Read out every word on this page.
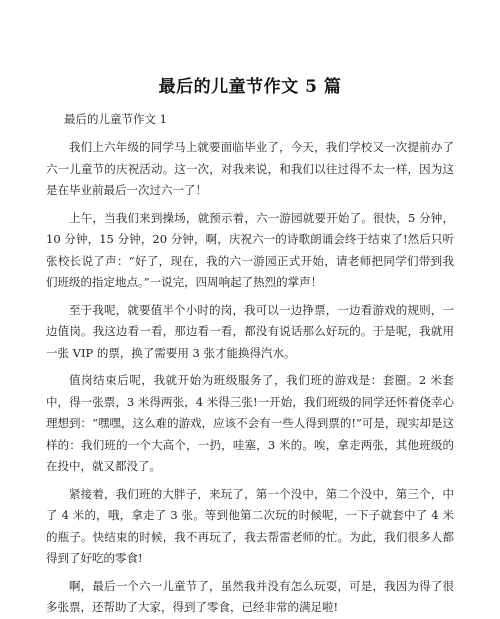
最后的儿童节作文 5 篇
最后的儿童节作文 1

我们上六年级的同学马上就要面临毕业了，今天，我们学校又一次提前办了六一儿童节的庆祝活动。这一次，对我来说，和我们以往过得不太一样，因为这是在毕业前最后一次过六一了！

上午，当我们来到操场，就预示着，六一游园就要开始了。很快，5 分钟，10 分钟，15 分钟，20 分钟，啊，庆祝六一的诗歌朗诵会终于结束了!然后只听张校长说了声：“好了，现在，我的六一游园正式开始，请老师把同学们带到我们班级的指定地点。”一说完，四周响起了热烈的掌声！

至于我呢，就要值半个小时的岗，我可以一边挣票，一边看游戏的规则，一边值岗。我这边看一看，那边看一看，都没有说话那么好玩的。于是呢，我就用一张 VIP 的票，换了需要用 3 张才能换得汽水。

值岗结束后呢，我就开始为班级服务了，我们班的游戏是：套圈。2 米套中，得一张票，3 米得两张，4 米得三张!一开始，我们班级的同学还怀着侥幸心理想到：“嘿嘿，这么难的游戏，应该不会有一些人得到票的!”可是，现实却是这样的：我们班的一个大高个，一扔，哇塞，3 米的。唉，拿走两张，其他班级的在投中，就又都没了。

紧接着，我们班的大胖子，来玩了，第一个没中，第二个没中，第三个，中了 4 米的，哦，拿走了 3 张。等到他第二次玩的时候呢，一下子就套中了 4 米的瓶子。快结束的时候，我不再玩了，我去帮雷老师的忙。为此，我们很多人都得到了好吃的零食!

啊，最后一个六一儿童节了，虽然我并没有怎么玩耍，可是，我因为得了很多张票，还帮助了大家，得到了零食，已经非常的满足啦!
